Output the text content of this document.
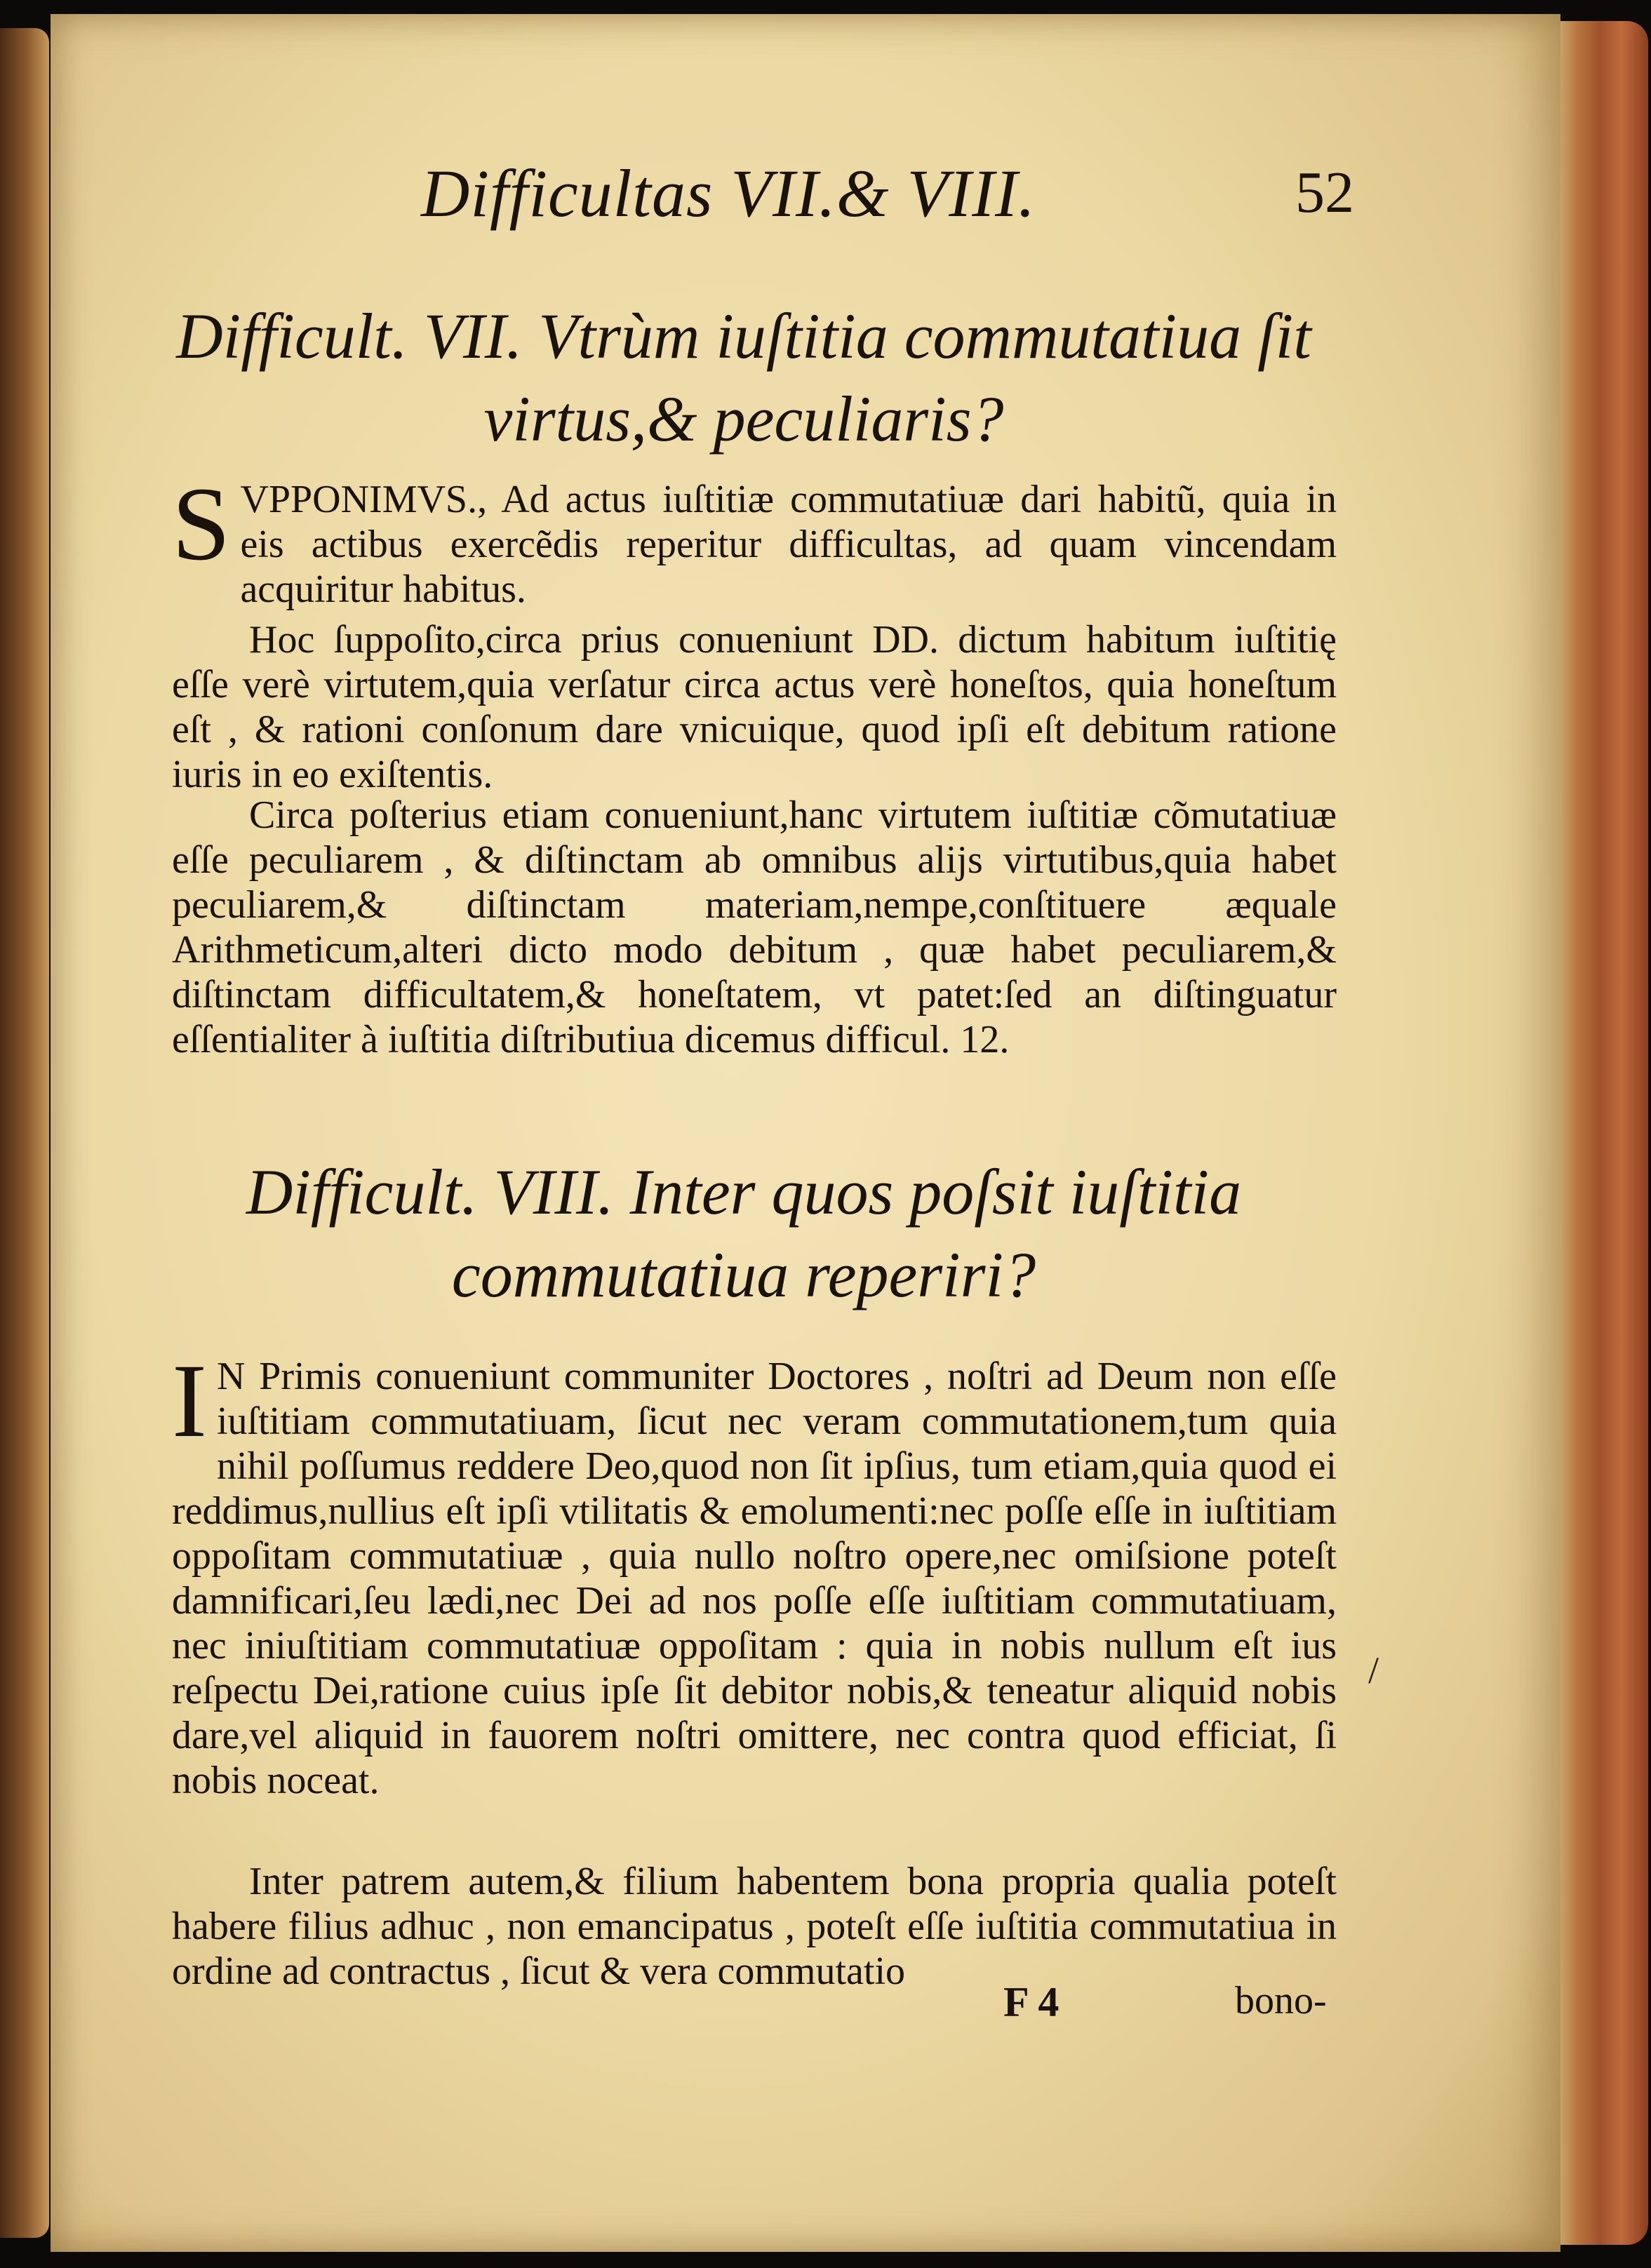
Difficultas VII.& VIII.	52
Difficult. VII. Vtrùm iuſtitia commutatiua ſit virtus,& peculiaris?

SVPPONIMVS., Ad actus iuſtitiæ commutatiuæ dari habitũ, quia in eis actibus exercẽdis reperitur difficultas, ad quam vincendam acquiritur habitus.

Hoc ſuppoſito,circa prius conueniunt DD. dictum habitum iuſtitię eſſe verè virtutem,quia verſatur circa actus verè honeſtos, quia honeſtum eſt , & rationi conſonum dare vnicuique, quod ipſi eſt debitum ratione iuris in eo exiſtentis.

Circa poſterius etiam conueniunt,hanc virtutem iuſtitiæ cõmutatiuæ eſſe peculiarem , & diſtinctam ab omnibus alijs virtutibus,quia habet peculiarem,& diſtinctam materiam,nempe,conſtituere æquale Arithmeticum,alteri dicto modo debitum , quæ habet peculiarem,& diſtinctam difficultatem,& honeſtatem, vt patet:ſed an diſtinguatur eſſentialiter à iuſtitia diſtributiua dicemus difficul. 12.

Difficult. VIII. Inter quos poſsit iuſtitia commutatiua reperiri?

I N Primis conueniunt communiter Doctores , noſtri ad Deum non eſſe iuſtitiam commutatiuam, ſicut nec veram commutationem,tum quia nihil poſſumus reddere Deo,quod non ſit ipſius, tum etiam,quia quod ei reddimus,nullius eſt ipſi vtilitatis & emolumenti:nec poſſe eſſe in iuſtitiam oppoſitam commutatiuæ , quia nullo noſtro opere,nec omiſsione poteſt damnificari,ſeu lædi,nec Dei ad nos poſſe eſſe iuſtitiam commutatiuam, nec iniuſtitiam commutatiuæ oppoſitam : quia in nobis nullum eſt ius reſpectu Dei,ratione cuius ipſe ſit debitor nobis,& teneatur aliquid nobis dare,vel aliquid in fauorem noſtri omittere, nec contra quod efficiat, ſi nobis noceat.

Inter patrem autem,& filium habentem bona propria qualia poteſt habere filius adhuc , non emancipatus , poteſt eſſe iuſtitia commutatiua in ordine ad contractus , ſicut & vera commutatio

/
F 4	bono-
